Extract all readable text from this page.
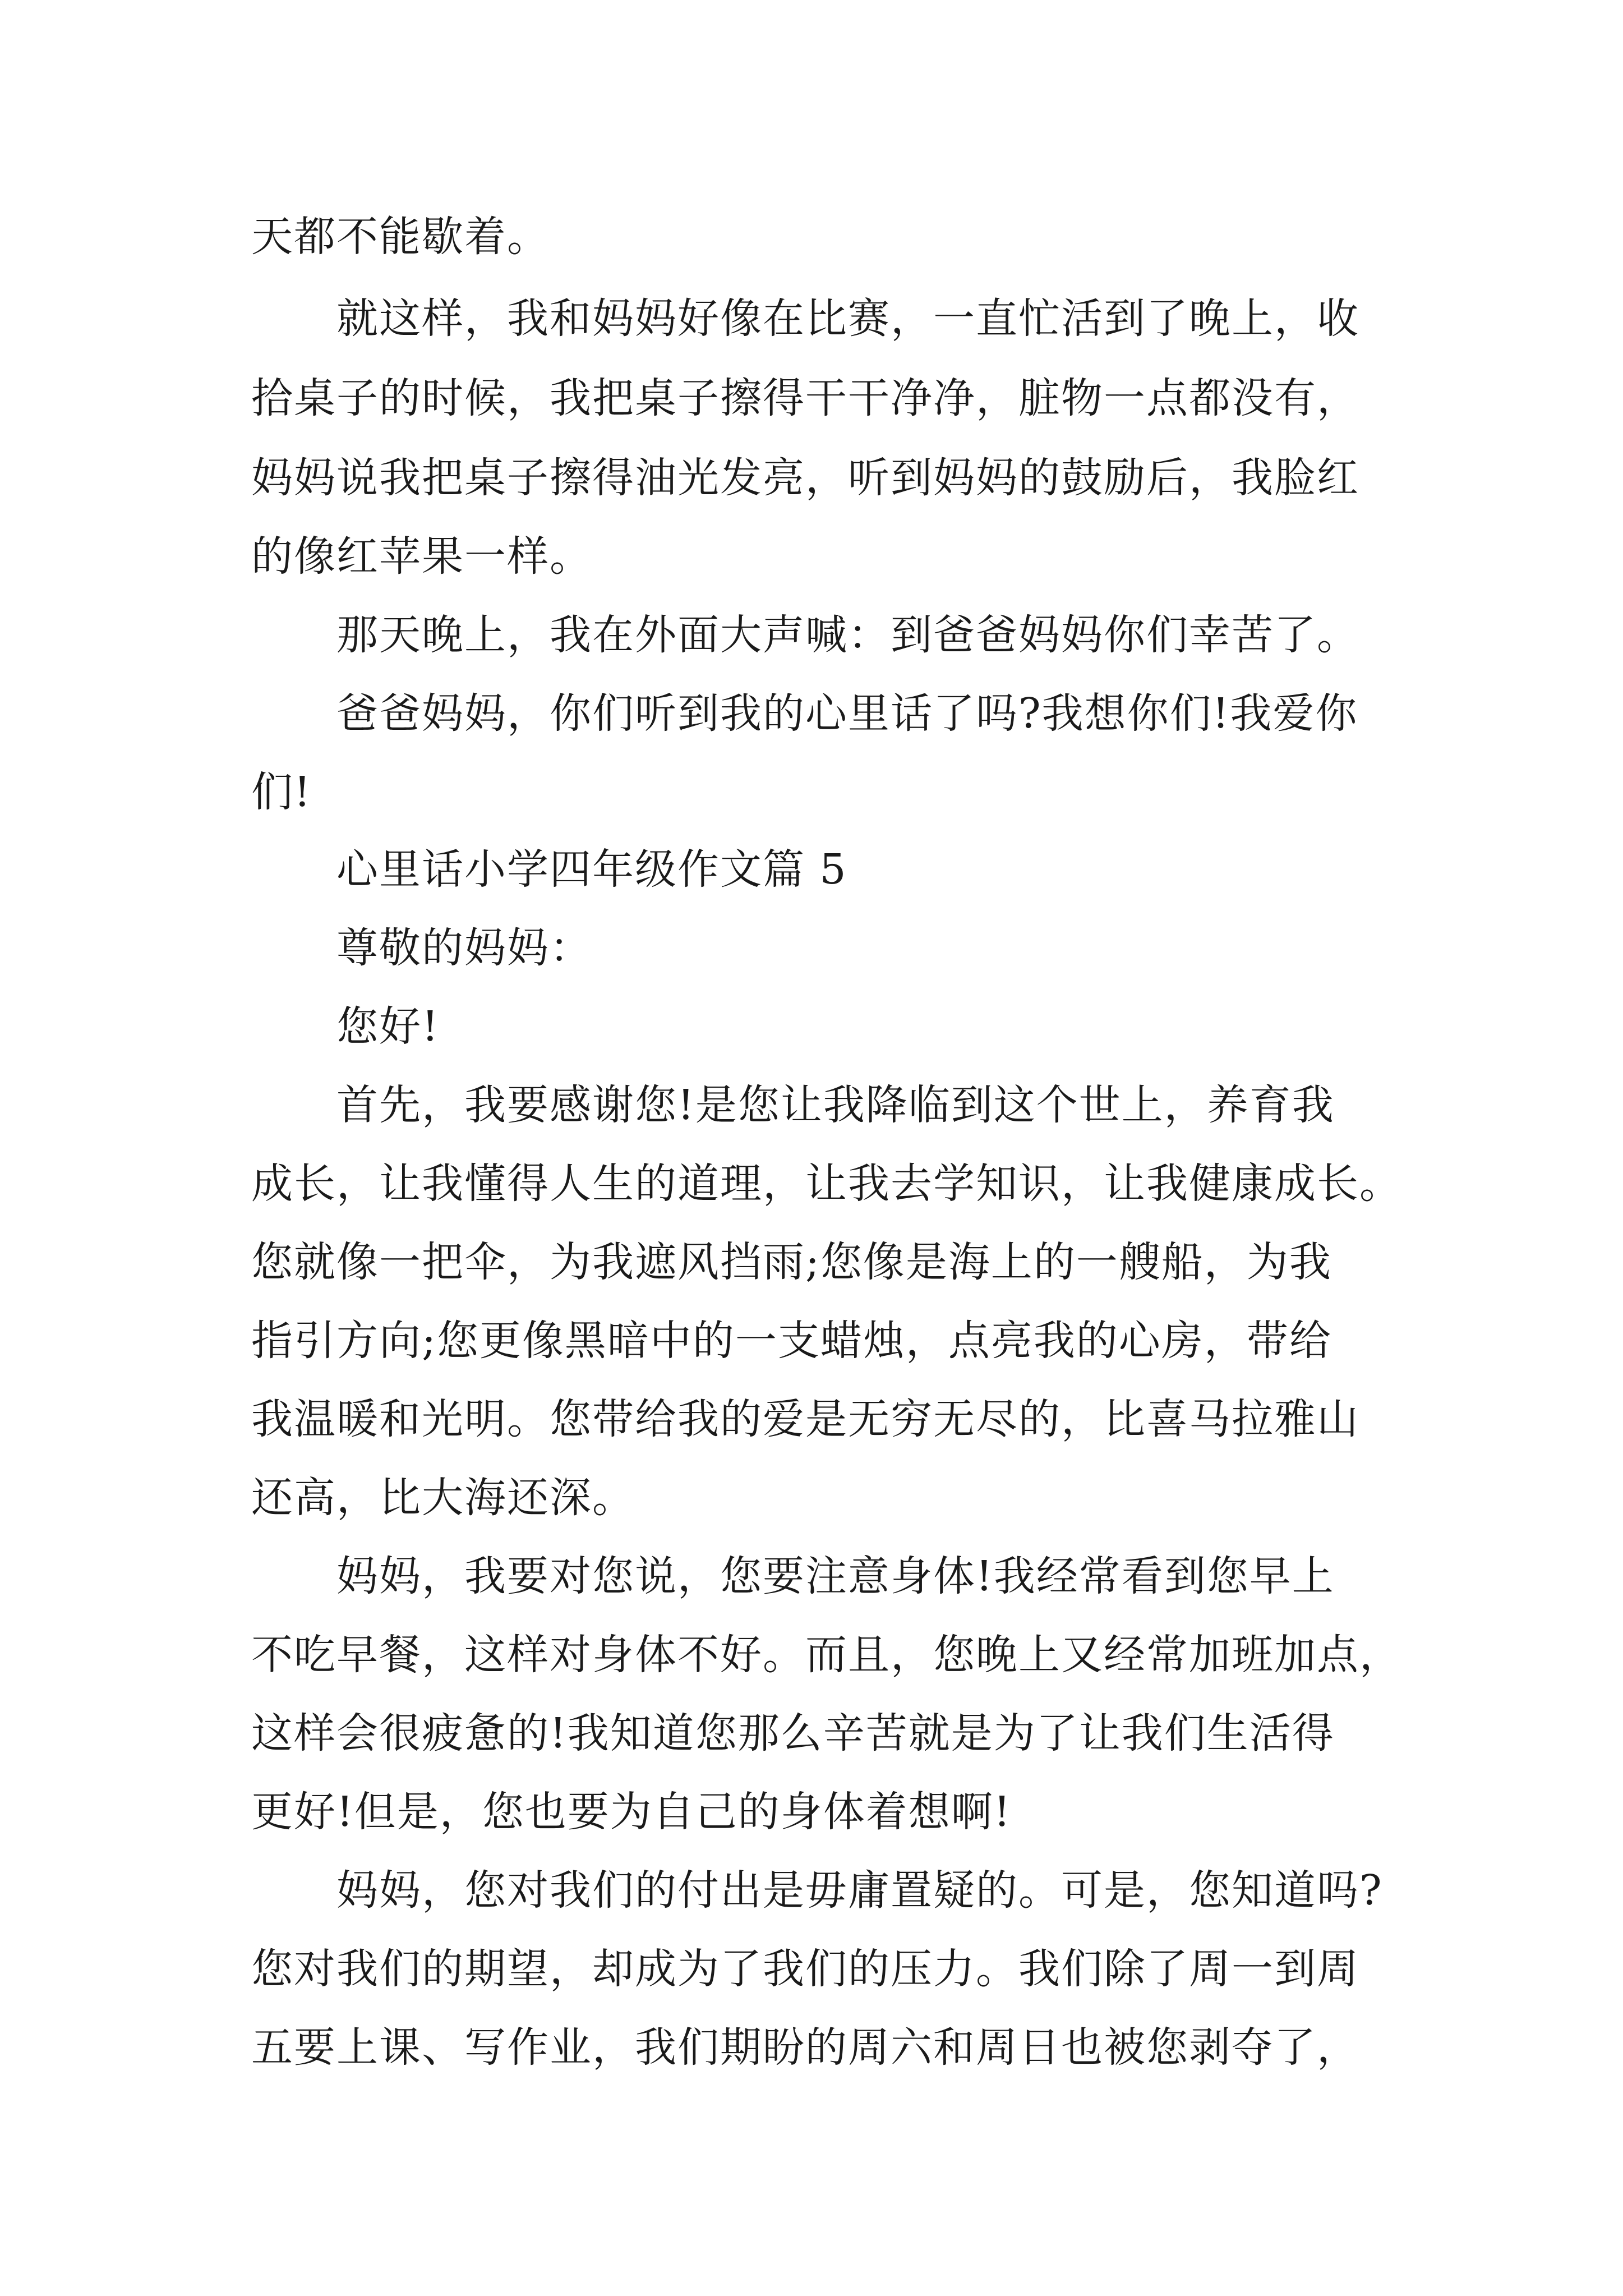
天都不能歇着。
就这样，我和妈妈好像在比赛，一直忙活到了晚上，收
拾桌子的时候，我把桌子擦得干干净净，脏物一点都没有，
妈妈说我把桌子擦得油光发亮，听到妈妈的鼓励后，我脸红
的像红苹果一样。
那天晚上，我在外面大声喊：到爸爸妈妈你们幸苦了。
爸爸妈妈，你们听到我的心里话了吗?我想你们!我爱你
们!
心里话小学四年级作文篇 5
尊敬的妈妈：
您好!
首先，我要感谢您!是您让我降临到这个世上，养育我
成长，让我懂得人生的道理，让我去学知识，让我健康成长。
您就像一把伞，为我遮风挡雨;您像是海上的一艘船，为我
指引方向;您更像黑暗中的一支蜡烛，点亮我的心房，带给
我温暖和光明。您带给我的爱是无穷无尽的，比喜马拉雅山
还高，比大海还深。
妈妈，我要对您说，您要注意身体!我经常看到您早上
不吃早餐，这样对身体不好。而且，您晚上又经常加班加点，
这样会很疲惫的!我知道您那么辛苦就是为了让我们生活得
更好!但是，您也要为自己的身体着想啊!
妈妈，您对我们的付出是毋庸置疑的。可是，您知道吗?
您对我们的期望，却成为了我们的压力。我们除了周一到周
五要上课、写作业，我们期盼的周六和周日也被您剥夺了，
